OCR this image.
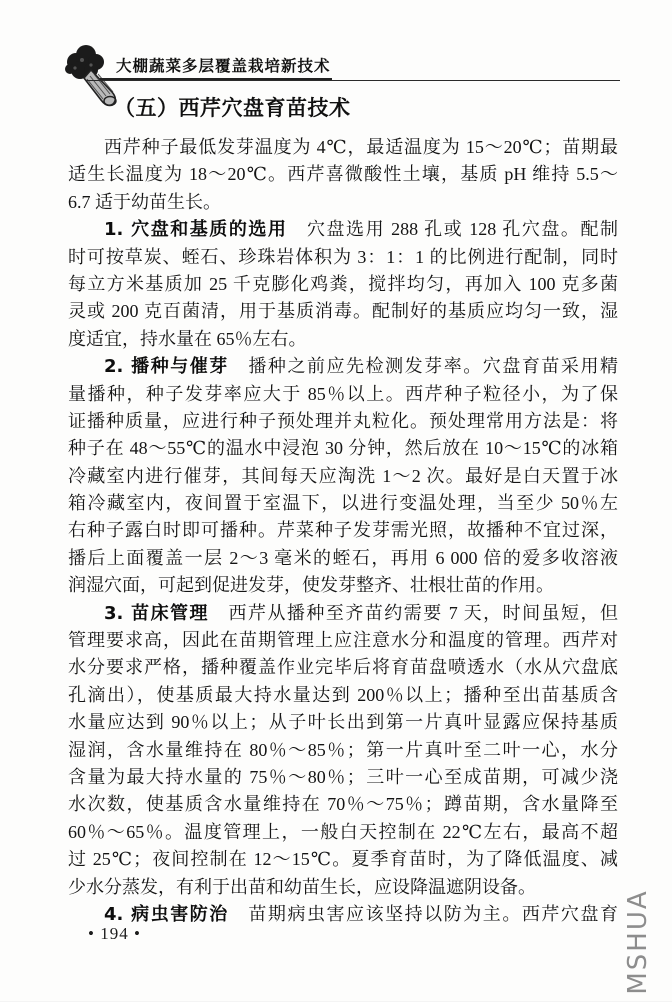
大棚蔬菜多层覆盖栽培新技术
（五）西芹穴盘育苗技术
西芹种子最低发芽温度为 4℃，最适温度为 15～20℃；苗期最
适生长温度为 18～20℃。西芹喜微酸性土壤，基质 pH 维持 5.5～
6.7 适于幼苗生长。
1. 穴盘和基质的选用　穴盘选用 288 孔或 128 孔穴盘。配制
时可按草炭、蛭石、珍珠岩体积为 3：1：1 的比例进行配制，同时
每立方米基质加 25 千克膨化鸡粪，搅拌均匀，再加入 100 克多菌
灵或 200 克百菌清，用于基质消毒。配制好的基质应均匀一致，湿
度适宜，持水量在 65％左右。
2. 播种与催芽　播种之前应先检测发芽率。穴盘育苗采用精
量播种，种子发芽率应大于 85％以上。西芹种子粒径小，为了保
证播种质量，应进行种子预处理并丸粒化。预处理常用方法是：将
种子在 48～55℃的温水中浸泡 30 分钟，然后放在 10～15℃的冰箱
冷藏室内进行催芽，其间每天应淘洗 1～2 次。最好是白天置于冰
箱冷藏室内，夜间置于室温下，以进行变温处理，当至少 50％左
右种子露白时即可播种。芹菜种子发芽需光照，故播种不宜过深，
播后上面覆盖一层 2～3 毫米的蛭石，再用 6 000 倍的爱多收溶液
润湿穴面，可起到促进发芽，使发芽整齐、壮根壮苗的作用。
3. 苗床管理　西芹从播种至齐苗约需要 7 天，时间虽短，但
管理要求高，因此在苗期管理上应注意水分和温度的管理。西芹对
水分要求严格，播种覆盖作业完毕后将育苗盘喷透水（水从穴盘底
孔滴出），使基质最大持水量达到 200％以上；播种至出苗基质含
水量应达到 90％以上；从子叶长出到第一片真叶显露应保持基质
湿润，含水量维持在 80％～85％；第一片真叶至二叶一心，水分
含量为最大持水量的 75％～80％；三叶一心至成苗期，可减少浇
水次数，使基质含水量维持在 70％～75％；蹲苗期，含水量降至
60％～65％。温度管理上，一般白天控制在 22℃左右，最高不超
过 25℃；夜间控制在 12～15℃。夏季育苗时，为了降低温度、减
少水分蒸发，有利于出苗和幼苗生长，应设降温遮阴设备。
4. 病虫害防治　苗期病虫害应该坚持以防为主。西芹穴盘育
• 194 •	MSHUA
